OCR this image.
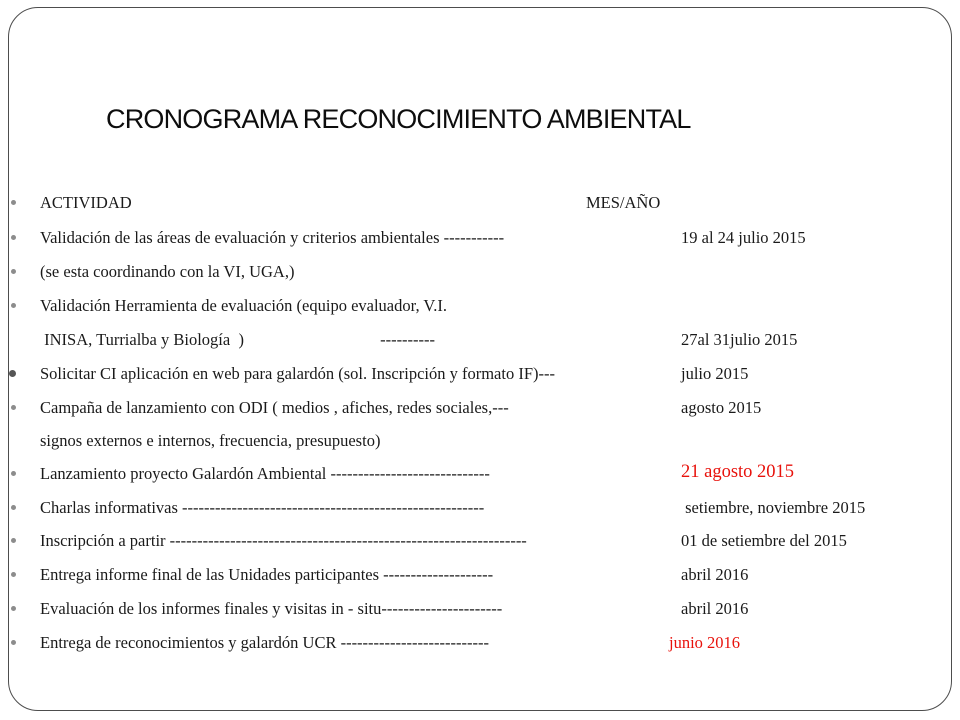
CRONOGRAMA RECONOCIMIENTO AMBIENTAL
ACTIVIDAD	MES/AÑO
Validación de las áreas de evaluación y criterios ambientales -----------	19 al 24 julio 2015
(se esta coordinando con la VI, UGA,)
Validación Herramienta de evaluación (equipo evaluador, V.I.
INISA, Turrialba y Biología  )                                 ----------	27al 31julio 2015
Solicitar CI aplicación en web para galardón (sol. Inscripción y formato IF)---	julio 2015
Campaña de lanzamiento con ODI ( medios , afiches, redes sociales,---	agosto 2015
signos externos e internos, frecuencia, presupuesto)
Lanzamiento proyecto Galardón Ambiental -----------------------------	21 agosto 2015
Charlas informativas -------------------------------------------------------	setiembre, noviembre 2015
Inscripción a partir -----------------------------------------------------------------	01 de setiembre del 2015
Entrega informe final de las Unidades participantes --------------------	abril 2016
Evaluación de los informes finales y visitas in - situ----------------------	abril 2016
Entrega de reconocimientos y galardón UCR ---------------------------	junio 2016
